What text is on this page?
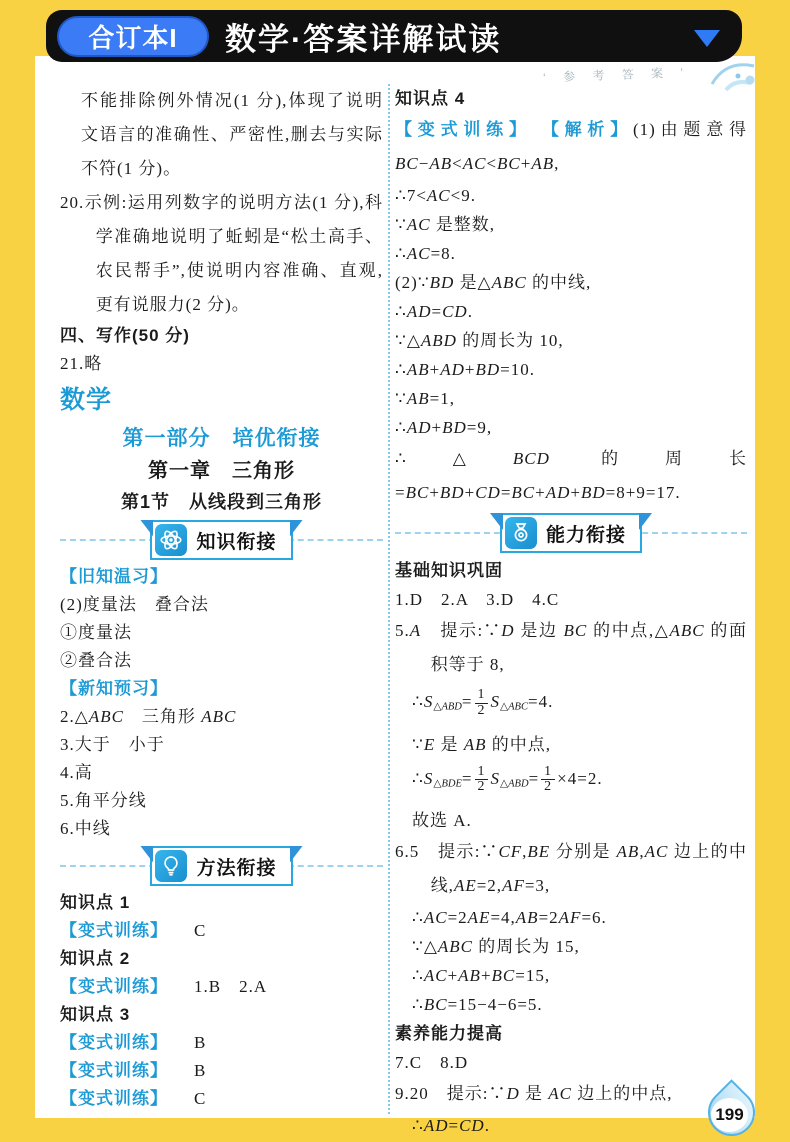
合订本I 数学·答案详解试读
‘ 参 考 答 案 ’
不能排除例外情况(1 分),体现了说明文语言的准确性、严密性,删去与实际不符(1 分)。
20.示例:运用列数字的说明方法(1 分),科学准确地说明了蚯蚓是“松土高手、农民帮手”,使说明内容准确、直观,更有说服力(2 分)。
四、写作(50 分)
21.略
数学
第一部分　培优衔接
第一章　三角形
第1节　从线段到三角形
知识衔接
【旧知温习】
(2)度量法　叠合法
①度量法
②叠合法
【新知预习】
2.△ABC　三角形 ABC
3.大于　小于
4.高
5.角平分线
6.中线
方法衔接
知识点 1
【变式训练】 C
知识点 2
【变式训练】 1.B　2.A
知识点 3
【变式训练】 B
【变式训练】 B
【变式训练】 C
知识点 4
【变式训练】 【解析】(1)由题意得 BC−AB<AC<BC+AB,
∴7<AC<9.
∵AC 是整数,
∴AC=8.
(2)∵BD 是△ABC 的中线,
∴AD=CD.
∵△ABD 的周长为 10,
∴AB+AD+BD=10.
∵AB=1,
∴AD+BD=9,
∴△BCD 的周长=BC+BD+CD=BC+AD+BD=8+9=17.
能力衔接
基础知识巩固
1.D　2.A　3.D　4.C
5.A　提示:∵D 是边 BC 的中点,△ABC 的面积等于 8,
$\therefore S_{\triangle ABD}= \frac{1}{2} S_{\triangle ABC}=4$.
∵E 是 AB 的中点,
$\therefore S_{\triangle BDE}= \frac{1}{2} S_{\triangle ABD}= \frac{1}{2} \times 4=2$.
故选 A.
6.5　提示:∵CF,BE 分别是 AB,AC 边上的中线,AE=2,AF=3,
∴AC=2AE=4,AB=2AF=6.
∵△ABC 的周长为 15,
∴AC+AB+BC=15,
∴BC=15−4−6=5.
素养能力提高
7.C　8.D
9.20　提示:∵D 是 AC 边上的中点,
∴AD=CD.
199
